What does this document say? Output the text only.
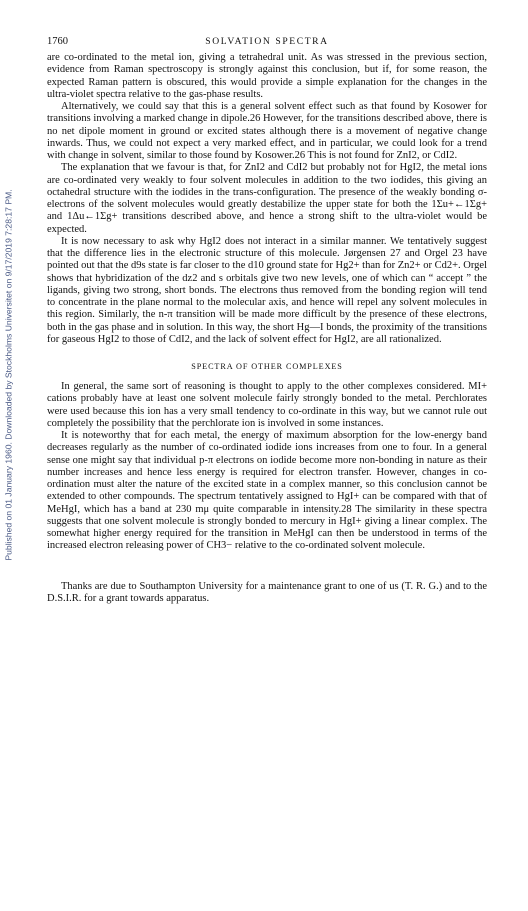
Published on 01 January 1960. Downloaded by Stockholms Universitet on 9/17/2019 7:28:17 PM.
1760	SOLVATION SPECTRA

are co-ordinated to the metal ion, giving a tetrahedral unit. As was stressed in the previous section, evidence from Raman spectroscopy is strongly against this conclusion, but if, for some reason, the expected Raman pattern is obscured, this would provide a simple explanation for the changes in the ultra-violet spectra relative to the gas-phase results.

Alternatively, we could say that this is a general solvent effect such as that found by Kosower for transitions involving a marked change in dipole.26 However, for the transitions described above, there is no net dipole moment in ground or excited states although there is a movement of negative change inwards. Thus, we could not expect a very marked effect, and in particular, we could look for a trend with change in solvent, similar to those found by Kosower.26 This is not found for ZnI2, or CdI2.

The explanation that we favour is that, for ZnI2 and CdI2 but probably not for HgI2, the metal ions are co-ordinated very weakly to four solvent molecules in addition to the two iodides, this giving an octahedral structure with the iodides in the trans-configuration. The presence of the weakly bonding σ-electrons of the solvent molecules would greatly destabilize the upper state for both the 1Σu+←1Σg+ and 1Δu←1Σg+ transitions described above, and hence a strong shift to the ultra-violet would be expected.

It is now necessary to ask why HgI2 does not interact in a similar manner. We tentatively suggest that the difference lies in the electronic structure of this molecule. Jørgensen 27 and Orgel 23 have pointed out that the d9s state is far closer to the d10 ground state for Hg2+ than for Zn2+ or Cd2+. Orgel shows that hybridization of the dz2 and s orbitals give two new levels, one of which can “ accept ” the ligands, giving two strong, short bonds. The electrons thus removed from the bonding region will tend to concentrate in the plane normal to the molecular axis, and hence will repel any solvent molecules in this region. Similarly, the n-π transition will be made more difficult by the presence of these electrons, both in the gas phase and in solution. In this way, the short Hg—I bonds, the proximity of the transitions for gaseous HgI2 to those of CdI2, and the lack of solvent effect for HgI2, are all rationalized.

SPECTRA OF OTHER COMPLEXES

In general, the same sort of reasoning is thought to apply to the other complexes considered. MI+ cations probably have at least one solvent molecule fairly strongly bonded to the metal. Perchlorates were used because this ion has a very small tendency to co-ordinate in this way, but we cannot rule out completely the possibility that the perchlorate ion is involved in some instances.

It is noteworthy that for each metal, the energy of maximum absorption for the low-energy band decreases regularly as the number of co-ordinated iodide ions increases from one to four. In a general sense one might say that individual p-π electrons on iodide become more non-bonding in nature as their number increases and hence less energy is required for electron transfer. However, changes in co-ordination must alter the nature of the excited state in a complex manner, so this conclusion cannot be extended to other compounds. The spectrum tentatively assigned to HgI+ can be compared with that of MeHgI, which has a band at 230 mμ quite comparable in intensity.28 The similarity in these spectra suggests that one solvent molecule is strongly bonded to mercury in HgI+ giving a linear complex. The somewhat higher energy required for the transition in MeHgI can then be understood in terms of the increased electron releasing power of CH3− relative to the co-ordinated solvent molecule.

Thanks are due to Southampton University for a maintenance grant to one of us (T. R. G.) and to the D.S.I.R. for a grant towards apparatus.
